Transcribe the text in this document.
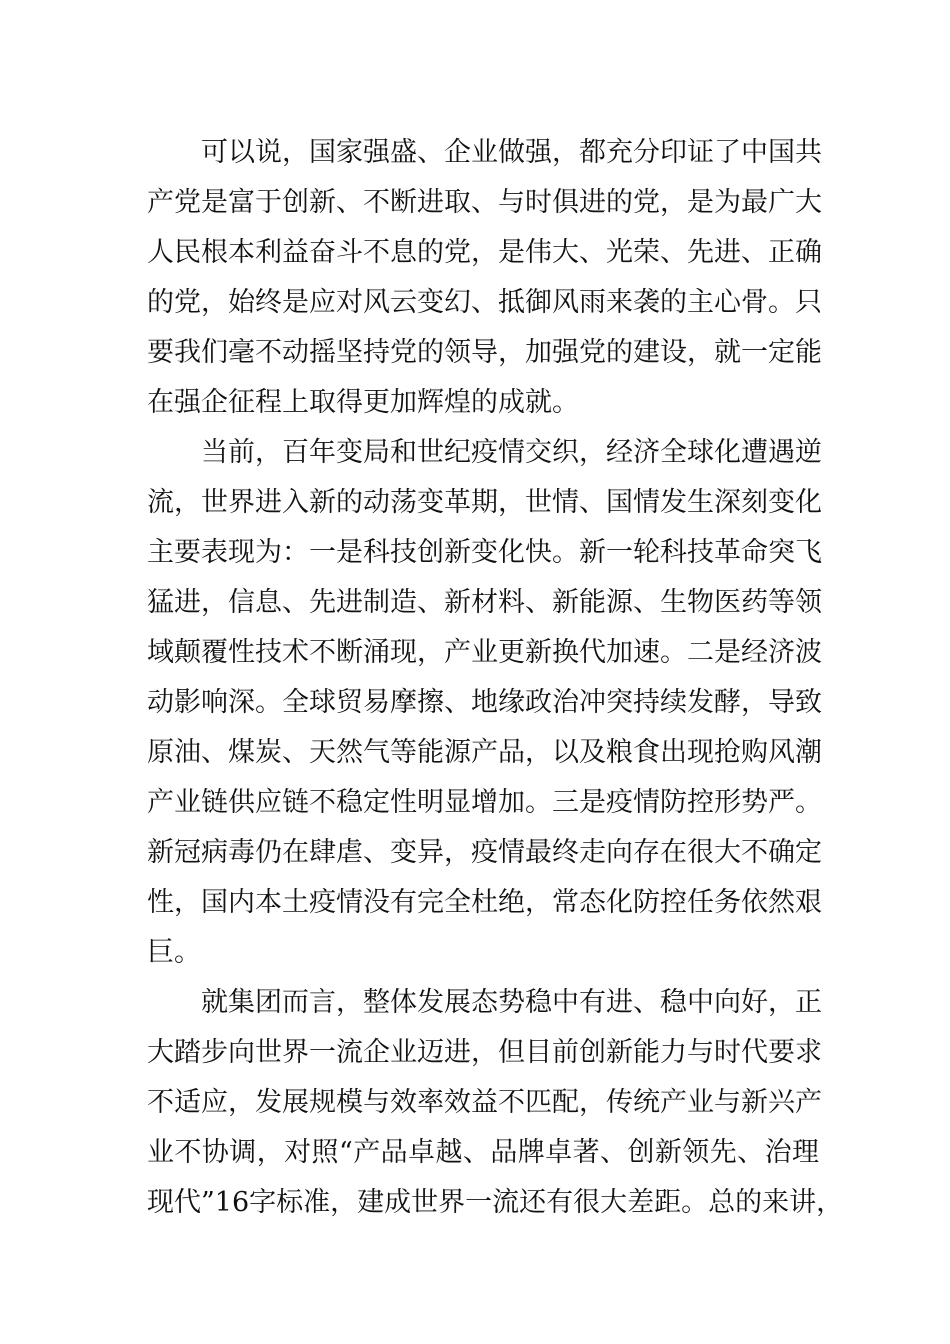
可以说，国家强盛、企业做强，都充分印证了中国共
产党是富于创新、不断进取、与时俱进的党，是为最广大
人民根本利益奋斗不息的党，是伟大、光荣、先进、正确
的党，始终是应对风云变幻、抵御风雨来袭的主心骨。只
要我们毫不动摇坚持党的领导，加强党的建设，就一定能
在强企征程上取得更加辉煌的成就。

当前，百年变局和世纪疫情交织，经济全球化遭遇逆
流，世界进入新的动荡变革期，世情、国情发生深刻变化
主要表现为：一是科技创新变化快。新一轮科技革命突飞
猛进，信息、先进制造、新材料、新能源、生物医药等领
域颠覆性技术不断涌现，产业更新换代加速。二是经济波
动影响深。全球贸易摩擦、地缘政治冲突持续发酵，导致
原油、煤炭、天然气等能源产品，以及粮食出现抢购风潮
产业链供应链不稳定性明显增加。三是疫情防控形势严。
新冠病毒仍在肆虐、变异，疫情最终走向存在很大不确定
性，国内本土疫情没有完全杜绝，常态化防控任务依然艰
巨。

就集团而言，整体发展态势稳中有进、稳中向好，正
大踏步向世界一流企业迈进，但目前创新能力与时代要求
不适应，发展规模与效率效益不匹配，传统产业与新兴产
业不协调，对照“产品卓越、品牌卓著、创新领先、治理
现代”16字标准，建成世界一流还有很大差距。总的来讲，
